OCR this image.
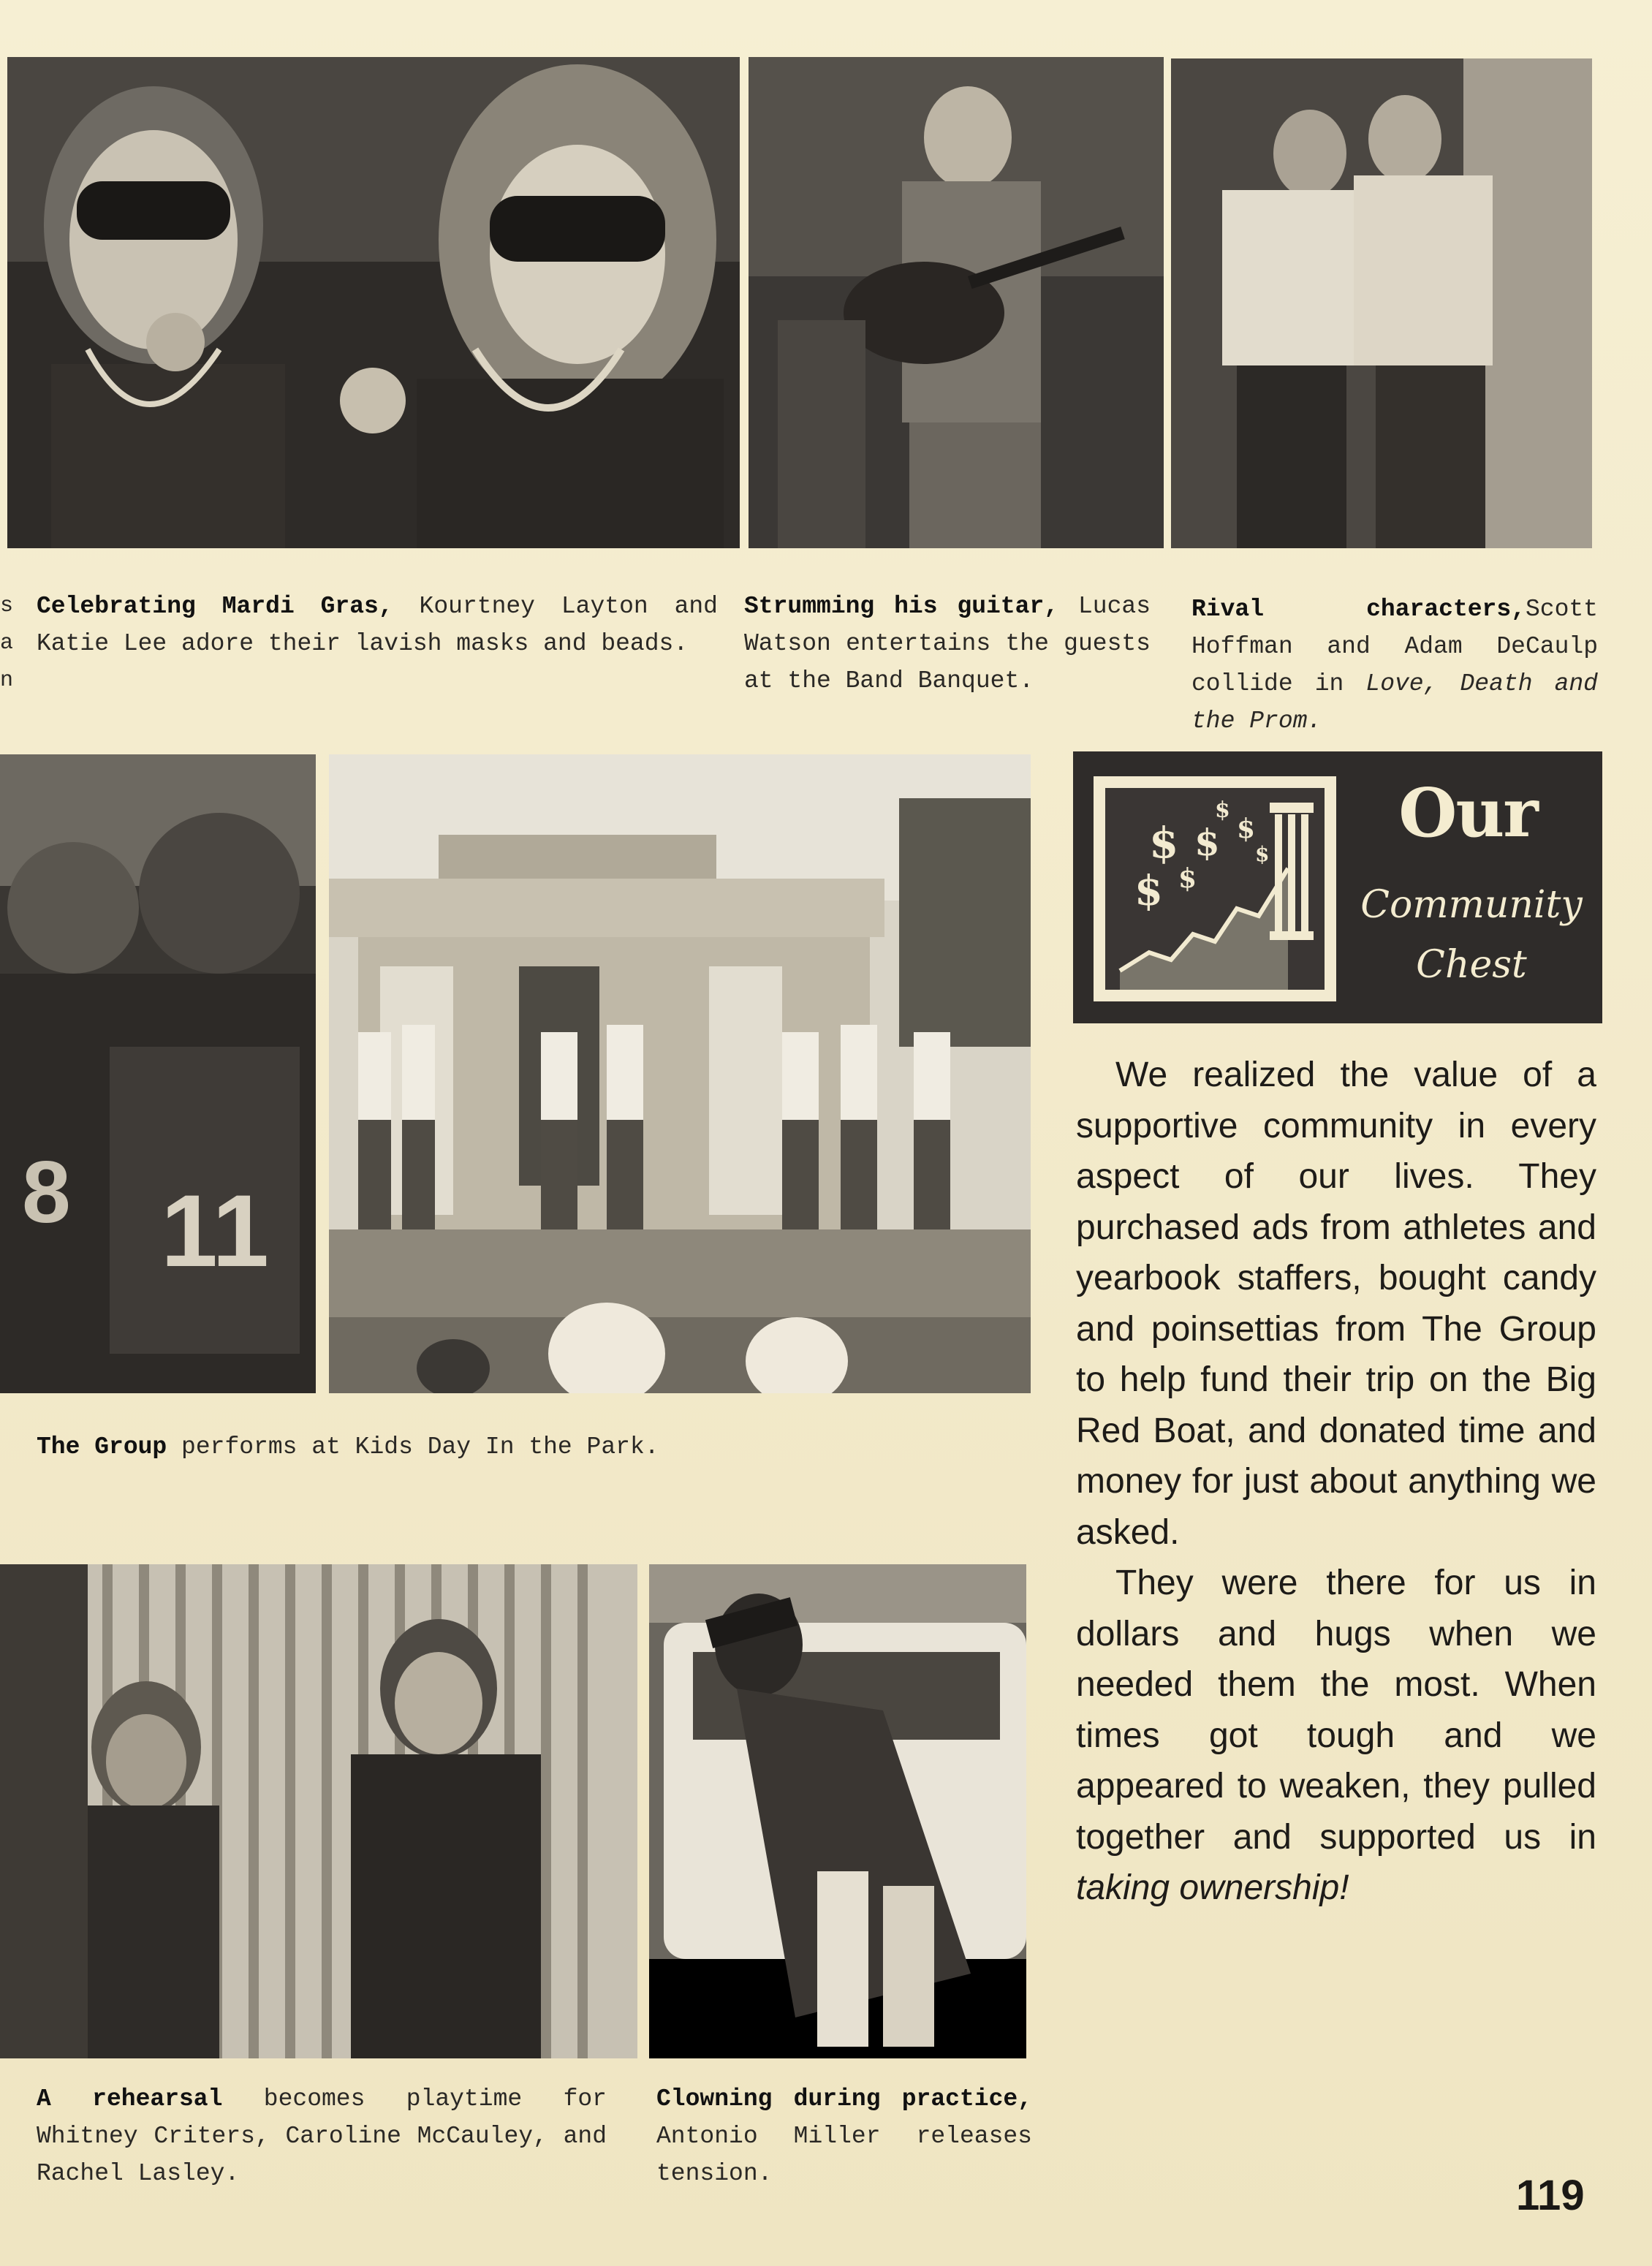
Celebrating Mardi Gras, Kourtney Layton and Katie Lee adore their lavish masks and beads.
Strumming his guitar, Lucas Watson entertains the guests at the Band Banquet.
Rival characters,Scott Hoffman and Adam DeCaulp collide in Love, Death and the Prom.
s
a
n
11
8
The Group performs at Kids Day In the Park.
$ $ $
$
$ $
$
Our
Community
Chest

We realized the value of a supportive community in every aspect of our lives. They purchased ads from athletes and yearbook staffers, bought candy and poinsettias from The Group to help fund their trip on the Big Red Boat, and donated time and money for just about anything we asked.

They were there for us in dollars and hugs when we needed them the most. When times got tough and we appeared to weaken, they pulled together and supported us in taking ownership!

A rehearsal becomes playtime for Whitney Criters, Caroline McCauley, and Rachel Lasley.
Clowning during practice, Antonio Miller releases tension.	119
